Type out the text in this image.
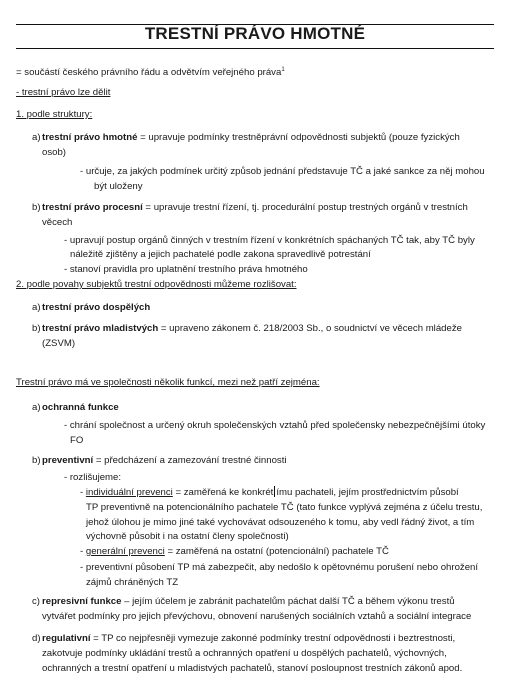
TRESTNÍ PRÁVO HMOTNÉ
= součástí českého právního řádu a odvětvím veřejného práva$^1$
- trestní právo lze dělit
1. podle struktury:
a) trestní právo hmotné = upravuje podmínky trestněprávní odpovědnosti subjektů (pouze fyzických
osob)
- určuje, za jakých podmínek určitý způsob jednání představuje TČ a jaké sankce za něj mohou
být uloženy
b) trestní právo procesní = upravuje trestní řízení, tj. procedurální postup trestných orgánů v trestních
věcech
- upravují postup orgánů činných v trestním řízení v konkrétních spáchaných TČ tak, aby TČ byly
náležitě zjištěny a jejich pachatelé podle zakona spravedlivě potrestání
- stanoví pravidla pro uplatnění trestního práva hmotného
2. podle povahy subjektů trestní odpovědnosti můžeme rozlišovat:
a) trestní právo dospělých
b) trestní právo mladistvých = upraveno zákonem č. 218/2003 Sb., o soudnictví ve věcech mládeže
(ZSVM)
Trestní právo má ve společnosti několik funkcí, mezi než patří zejména:
a) ochranná funkce
- chrání společnost a určený okruh společenských vztahů před společensky nebezpečnějšími útoky
FO
b) preventivní = předcházení a zamezování trestné činnosti
- rozlišujeme:
- individuální prevenci = zaměřená ke konkrét ímu pachateli, jejím prostřednictvím působí
TP preventivně na potencionálního pachatele TČ (tato funkce vyplývá zejména z účelu trestu,
jehož úlohou je mimo jiné také vychovávat odsouzeného k tomu, aby vedl řádný život, a tím
výchovně působit i na ostatní členy společnosti)
- generální prevenci = zaměřená na ostatní (potencionální) pachatele TČ
- preventivní působení TP má zabezpečit, aby nedošlo k opětovnému porušení nebo ohrožení
zájmů chráněných TZ
c) represivní funkce – jejím účelem je zabránit pachatelům páchat další TČ a během výkonu trestů
vytvářet podmínky pro jejich převýchovu, obnovení narušených sociálních vztahů a sociální integrace
d) regulativní = TP co nejpřesněji vymezuje zakonné podmínky trestní odpovědnosti i beztrestnosti,
zakotvuje podmínky ukládání trestů a ochranných opatření u dospělých pachatelů, výchovných,
ochranných a trestní opatření u mladistvých pachatelů, stanoví posloupnost trestních zákonů apod.
